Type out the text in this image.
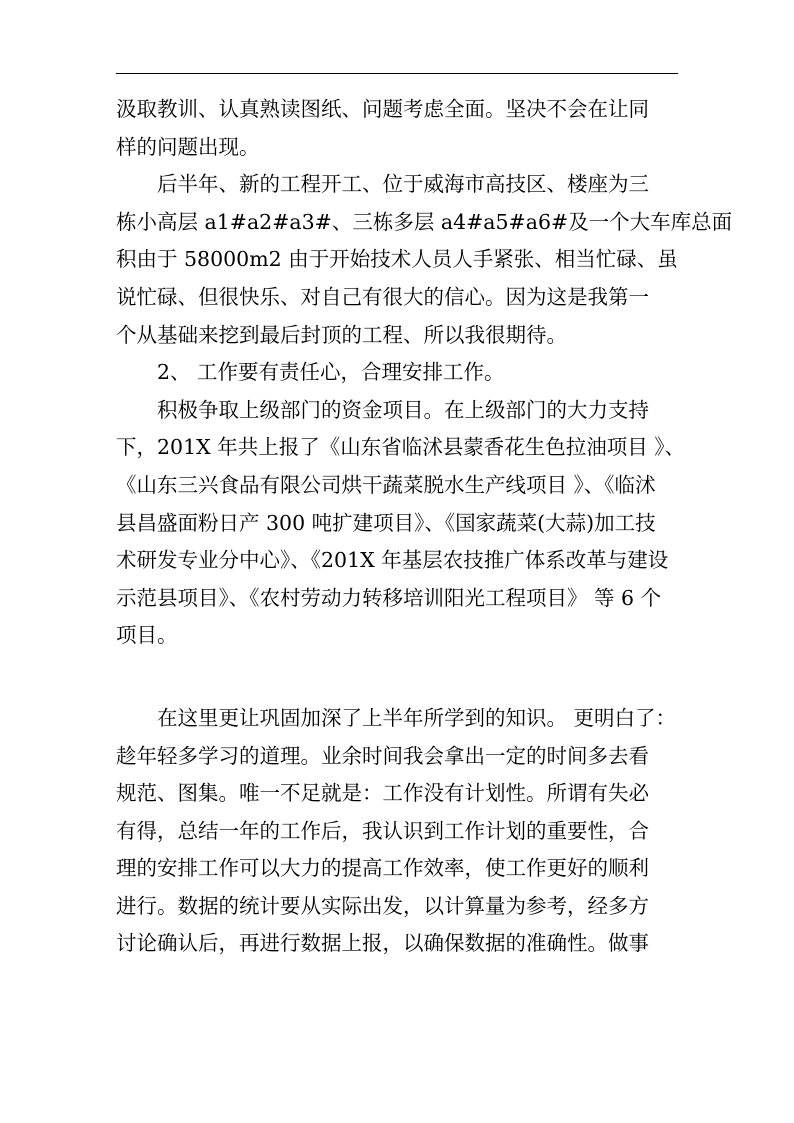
汲取教训、认真熟读图纸、问题考虑全面。坚决不会在让同
样的问题出现。
后半年、新的工程开工、位于威海市高技区、楼座为三
栋小高层 a1#a2#a3#、三栋多层 a4#a5#a6#及一个大车库总面
积由于 58000m2 由于开始技术人员人手紧张、相当忙碌、虽
说忙碌、但很快乐、对自己有很大的信心。因为这是我第一
个从基础来挖到最后封顶的工程、所以我很期待。
2、 工作要有责任心，合理安排工作。
积极争取上级部门的资金项目。在上级部门的大力支持
下，201X 年共上报了《山东省临沭县蒙香花生色拉油项目 》、
《山东三兴食品有限公司烘干蔬菜脱水生产线项目 》、《临沭
县昌盛面粉日产 300 吨扩建项目》、《国家蔬菜(大蒜)加工技
术研发专业分中心》、《201X 年基层农技推广体系改革与建设
示范县项目》、《农村劳动力转移培训阳光工程项目》 等 6 个
项目。
在这里更让巩固加深了上半年所学到的知识。 更明白了：
趁年轻多学习的道理。业余时间我会拿出一定的时间多去看
规范、图集。唯一不足就是：工作没有计划性。所谓有失必
有得，总结一年的工作后，我认识到工作计划的重要性，合
理的安排工作可以大力的提高工作效率，使工作更好的顺利
进行。数据的统计要从实际出发，以计算量为参考，经多方
讨论确认后，再进行数据上报，以确保数据的准确性。做事
